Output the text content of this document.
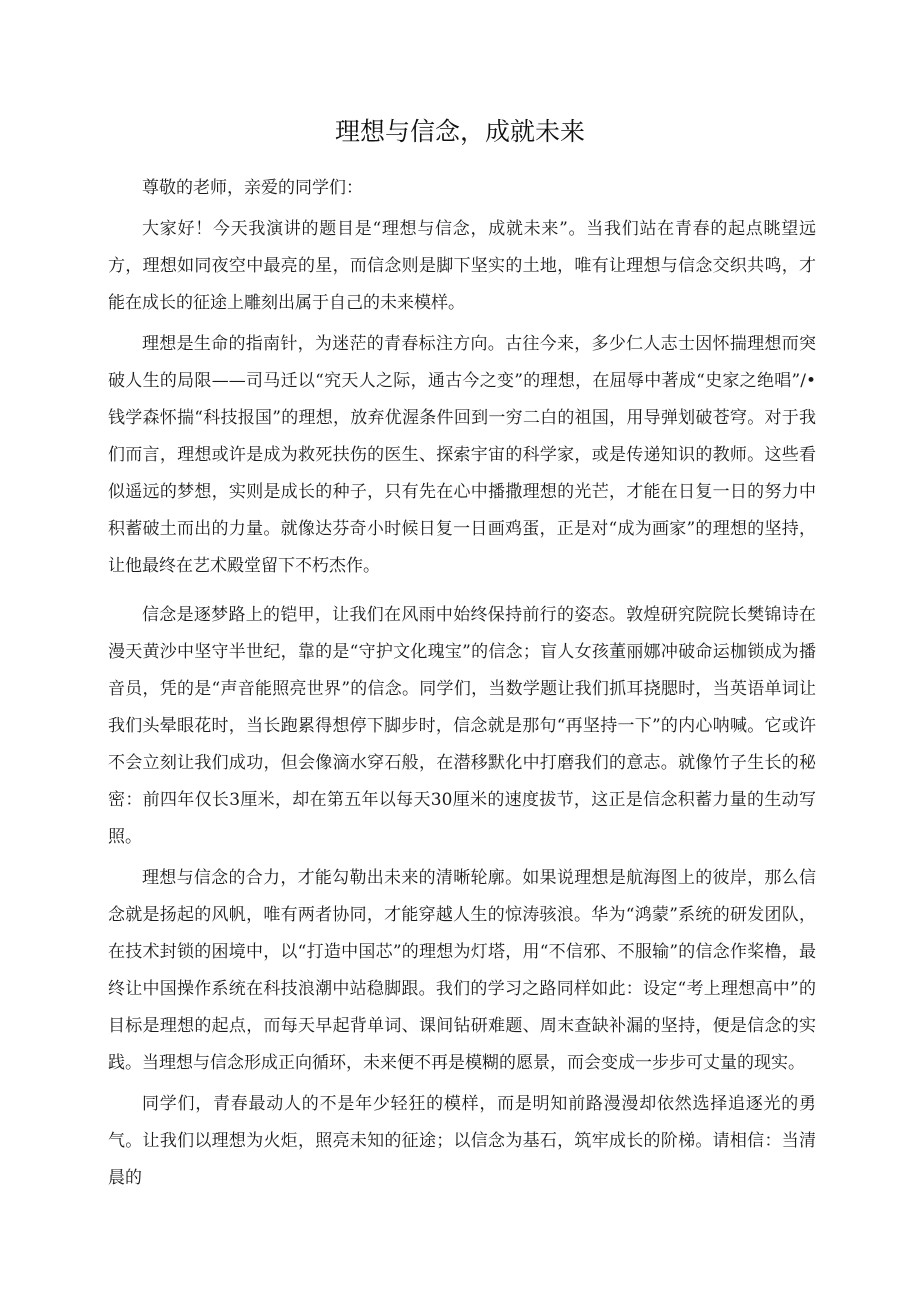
理想与信念，成就未来

尊敬的老师，亲爱的同学们：

大家好！今天我演讲的题目是“理想与信念，成就未来”。当我们站在青春的起点眺望远方，理想如同夜空中最亮的星，而信念则是脚下坚实的土地，唯有让理想与信念交织共鸣，才能在成长的征途上雕刻出属于自己的未来模样。

理想是生命的指南针，为迷茫的青春标注方向。古往今来，多少仁人志士因怀揣理想而突破人生的局限——司马迁以“究天人之际，通古今之变”的理想，在屈辱中著成“史家之绝唱”/•钱学森怀揣“科技报国”的理想，放弃优渥条件回到一穷二白的祖国，用导弹划破苍穹。对于我们而言，理想或许是成为救死扶伤的医生、探索宇宙的科学家，或是传递知识的教师。这些看似遥远的梦想，实则是成长的种子，只有先在心中播撒理想的光芒，才能在日复一日的努力中积蓄破土而出的力量。就像达芬奇小时候日复一日画鸡蛋，正是对“成为画家”的理想的坚持，让他最终在艺术殿堂留下不朽杰作。

信念是逐梦路上的铠甲，让我们在风雨中始终保持前行的姿态。敦煌研究院院长樊锦诗在漫天黄沙中坚守半世纪，靠的是“守护文化瑰宝”的信念；盲人女孩董丽娜冲破命运枷锁成为播音员，凭的是“声音能照亮世界”的信念。同学们，当数学题让我们抓耳挠腮时，当英语单词让我们头晕眼花时，当长跑累得想停下脚步时，信念就是那句“再坚持一下”的内心呐喊。它或许不会立刻让我们成功，但会像滴水穿石般，在潜移默化中打磨我们的意志。就像竹子生长的秘密：前四年仅长3厘米，却在第五年以每天30厘米的速度拔节，这正是信念积蓄力量的生动写照。

理想与信念的合力，才能勾勒出未来的清晰轮廓。如果说理想是航海图上的彼岸，那么信念就是扬起的风帆，唯有两者协同，才能穿越人生的惊涛骇浪。华为“鸿蒙”系统的研发团队，在技术封锁的困境中，以“打造中国芯”的理想为灯塔，用“不信邪、不服输”的信念作桨橹，最终让中国操作系统在科技浪潮中站稳脚跟。我们的学习之路同样如此：设定“考上理想高中”的目标是理想的起点，而每天早起背单词、课间钻研难题、周末查缺补漏的坚持，便是信念的实践。当理想与信念形成正向循环，未来便不再是模糊的愿景，而会变成一步步可丈量的现实。

同学们，青春最动人的不是年少轻狂的模样，而是明知前路漫漫却依然选择追逐光的勇气。让我们以理想为火炬，照亮未知的征途；以信念为基石，筑牢成长的阶梯。请相信：当清晨的
